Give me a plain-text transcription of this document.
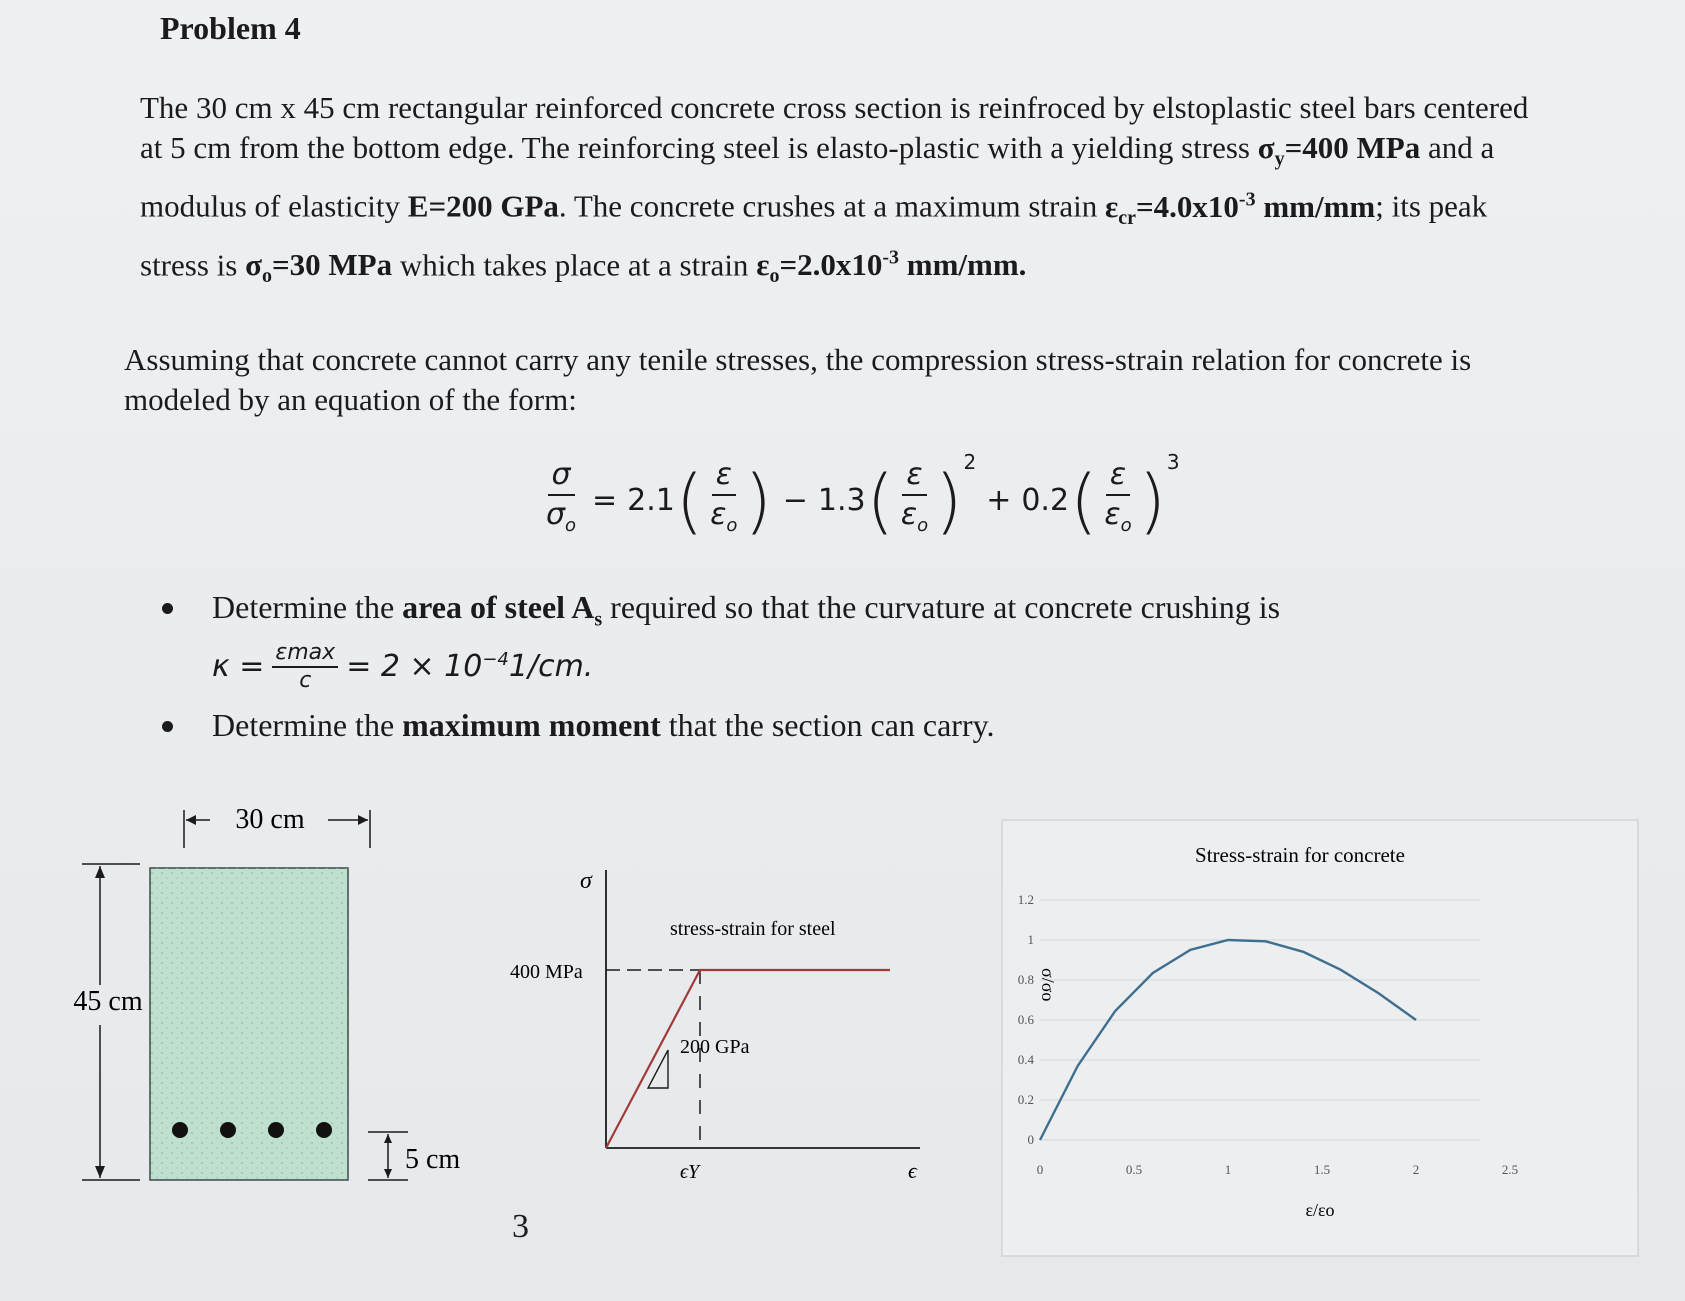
Problem 4
The 30 cm x 45 cm rectangular reinforced concrete cross section is reinfroced by elstoplastic steel bars centered at 5 cm from the bottom edge. The reinforcing steel is elasto-plastic with a yielding stress $\sigma_y=400$ MPa and a modulus of elasticity E=200 GPa. The concrete crushes at a maximum strain $\varepsilon_{cr}=4.0x10^{-3}$ mm/mm; its peak stress is $\sigma_o=30$ MPa which takes place at a strain $\varepsilon_o=2.0x10^{-3}$ mm/mm.
Assuming that concrete cannot carry any tenile stresses, the compression stress-strain relation for concrete is modeled by an equation of the form:
$\frac{\sigma}{\sigma_o} = 2.1$ ( $\frac{\varepsilon}{\varepsilon_o}$ ) − 1.3 ( $\frac{\varepsilon}{\varepsilon_o}$ ) 2
+ 0.2 ( $\frac{\varepsilon}{\varepsilon_o}$ ) 3
Determine the area of steel $A_s$ required so that the curvature at concrete crushing is
$\kappa = \frac{\varepsilon\max}{c} = 2 \times 10^{-4}$ 1/cm.
Determine the maximum moment that the section can carry.
30 cm
45 cm
5 cm
σ
ϵ
stress-strain for steel
400 MPa
200 GPa
ϵY
Stress-strain for concrete
0
0.2
0.4
0.6
0.8
1
1.2
0	0.5	1	1.5	2	2.5
σ/σo
ε/εo
3
